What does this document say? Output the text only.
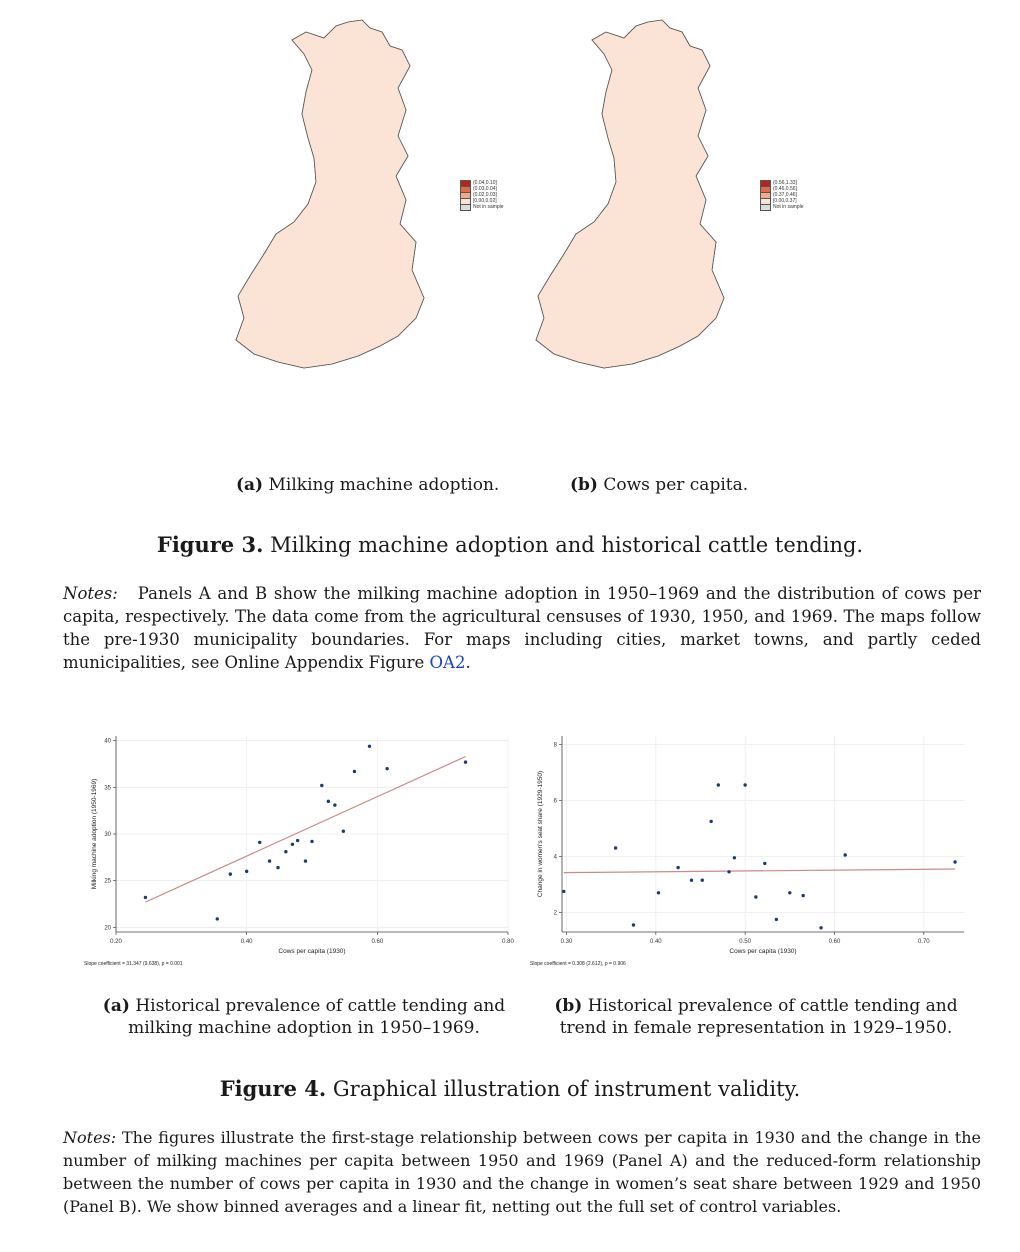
(0.04,0.10]
(0.03,0.04]
(0.02,0.03]
[0.00,0.02]
Not in sample
(0.56,1.33]
(0.46,0.56]
(0.37,0.46]
[0.00,0.37]
Not in sample
(a) Milking machine adoption.	(b) Cows per capita.
Figure 3. Milking machine adoption and historical cattle tending.
Notes: Panels A and B show the milking machine adoption in 1950–1969 and the distribution of cows per capita, respectively. The data come from the agricultural censuses of 1930, 1950, and 1969. The maps follow the pre-1930 municipality boundaries. For maps including cities, market towns, and partly ceded municipalities, see Online Appendix Figure OA2.
0.20	0.40	0.60	0.80
20
25
30
35
40
Cows per capita (1930)
Milking machine adoption (1950-1969)
Slope coefficient = 31.347 (9.638), p = 0.001
0.30	0.40	0.50	0.60	0.70
2
4
6
8
Cows per capita (1930)
Change in women's seat share (1929-1950)
Slope coefficient = 0.308 (2.612), p = 0.906
(a) Historical prevalence of cattle tending and
milking machine adoption in 1950–1969.
(b) Historical prevalence of cattle tending and
trend in female representation in 1929–1950.
Figure 4. Graphical illustration of instrument validity.
Notes: The figures illustrate the first-stage relationship between cows per capita in 1930 and the change in the number of milking machines per capita between 1950 and 1969 (Panel A) and the reduced-form relationship between the number of cows per capita in 1930 and the change in women’s seat share between 1929 and 1950 (Panel B). We show binned averages and a linear fit, netting out the full set of control variables.
